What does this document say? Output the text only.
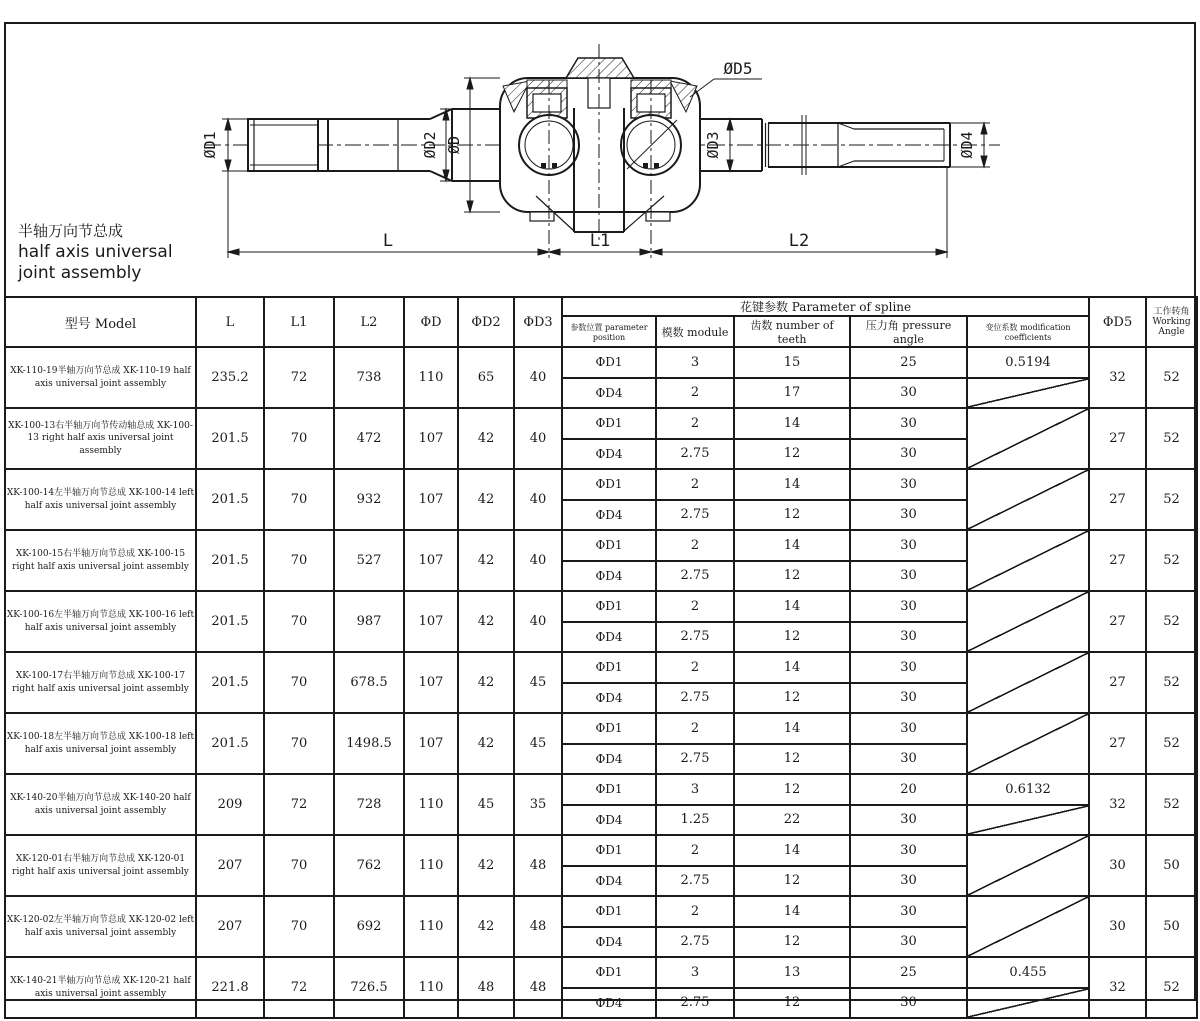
ØD1	ØD2 ØD	ØD3	ØD4
ØD5
L	L1	L2
半轴万向节总成
half axis universal
joint assembly
型号 Model	L	L1	L2	ΦD	ΦD2	ΦD3	花键参数 Parameter of spline					ΦD5	工作转角
Working Angle

							参数位置 parameter position	模数 module	齿数 number of teeth	压力角 pressure angle	变位系数 modification coefficients		
XK-110-19半轴万向节总成 XK-110-19 half axis universal joint assembly	235.2	72	738	110	65	40	ΦD1	3	15	25	0.5194	32	52
							ΦD4	2	17	30			
XK-100-13右半轴万向节传动轴总成 XK-100-13 right half axis universal joint assembly	201.5	70	472	107	42	40	ΦD1	2	14	30		27	52
							ΦD4	2.75	12	30			
XK-100-14左半轴万向节总成 XK-100-14 left half axis universal joint assembly	201.5	70	932	107	42	40	ΦD1	2	14	30		27	52
							ΦD4	2.75	12	30			
XK-100-15右半轴万向节总成 XK-100-15 right half axis universal joint assembly	201.5	70	527	107	42	40	ΦD1	2	14	30		27	52
							ΦD4	2.75	12	30			
XK-100-16左半轴万向节总成 XK-100-16 left half axis universal joint assembly	201.5	70	987	107	42	40	ΦD1	2	14	30		27	52
							ΦD4	2.75	12	30			
XK-100-17右半轴万向节总成 XK-100-17 right half axis universal joint assembly	201.5	70	678.5	107	42	45	ΦD1	2	14	30		27	52
							ΦD4	2.75	12	30			
XK-100-18左半轴万向节总成 XK-100-18 left half axis universal joint assembly	201.5	70	1498.5	107	42	45	ΦD1	2	14	30		27	52
							ΦD4	2.75	12	30			
XK-140-20半轴万向节总成 XK-140-20 half axis universal joint assembly	209	72	728	110	45	35	ΦD1	3	12	20	0.6132	32	52
							ΦD4	1.25	22	30			
XK-120-01右半轴万向节总成 XK-120-01 right half axis universal joint assembly	207	70	762	110	42	48	ΦD1	2	14	30		30	50
							ΦD4	2.75	12	30			
XK-120-02左半轴万向节总成 XK-120-02 left half axis universal joint assembly	207	70	692	110	42	48	ΦD1	2	14	30		30	50
							ΦD4	2.75	12	30			
XK-140-21半轴万向节总成 XK-120-21 half axis universal joint assembly	221.8	72	726.5	110	48	48	ΦD1	3	13	25	0.455	32	52
							ΦD4	2.75	12	30			
